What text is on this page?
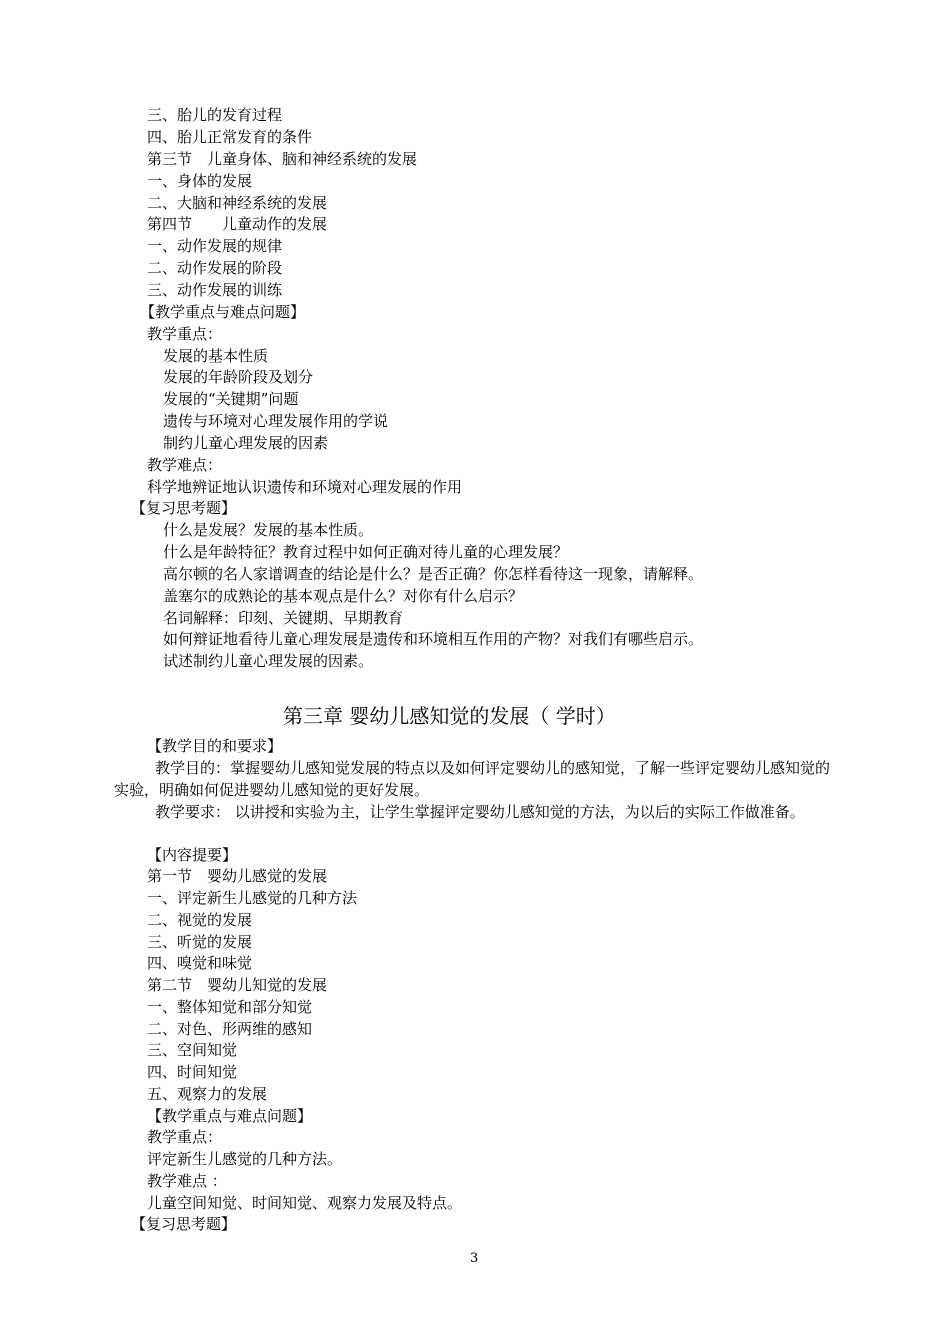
三、胎儿的发育过程
四、胎儿正常发育的条件
第三节　儿童身体、脑和神经系统的发展
一、身体的发展
二、大脑和神经系统的发展
第四节　　儿童动作的发展
一、动作发展的规律
二、动作发展的阶段
三、动作发展的训练
【教学重点与难点问题】
教学重点：
发展的基本性质
发展的年龄阶段及划分
发展的“关键期”问题
遗传与环境对心理发展作用的学说
制约儿童心理发展的因素
教学难点：
科学地辨证地认识遗传和环境对心理发展的作用
【复习思考题】
什么是发展？发展的基本性质。
什么是年龄特征？教育过程中如何正确对待儿童的心理发展？
高尔顿的名人家谱调查的结论是什么？是否正确？你怎样看待这一现象，请解释。
盖塞尔的成熟论的基本观点是什么？对你有什么启示？
名词解释：印刻、关键期、早期教育
如何辩证地看待儿童心理发展是遗传和环境相互作用的产物？对我们有哪些启示。
试述制约儿童心理发展的因素。
第三章 婴幼儿感知觉的发展（ 学时）
【教学目的和要求】
教学目的：掌握婴幼儿感知觉发展的特点以及如何评定婴幼儿的感知觉，了解一些评定婴幼儿感知觉的实验，明确如何促进婴幼儿感知觉的更好发展。
教学要求： 以讲授和实验为主，让学生掌握评定婴幼儿感知觉的方法，为以后的实际工作做准备。
【内容提要】
第一节　婴幼儿感觉的发展
一、评定新生儿感觉的几种方法
二、视觉的发展
三、听觉的发展
四、嗅觉和味觉
第二节　婴幼儿知觉的发展
一、整体知觉和部分知觉
二、对色、形两维的感知
三、空间知觉
四、时间知觉
五、观察力的发展
【教学重点与难点问题】
教学重点：
评定新生儿感觉的几种方法。
教学难点 ：
儿童空间知觉、时间知觉、观察力发展及特点。
【复习思考题】
3
